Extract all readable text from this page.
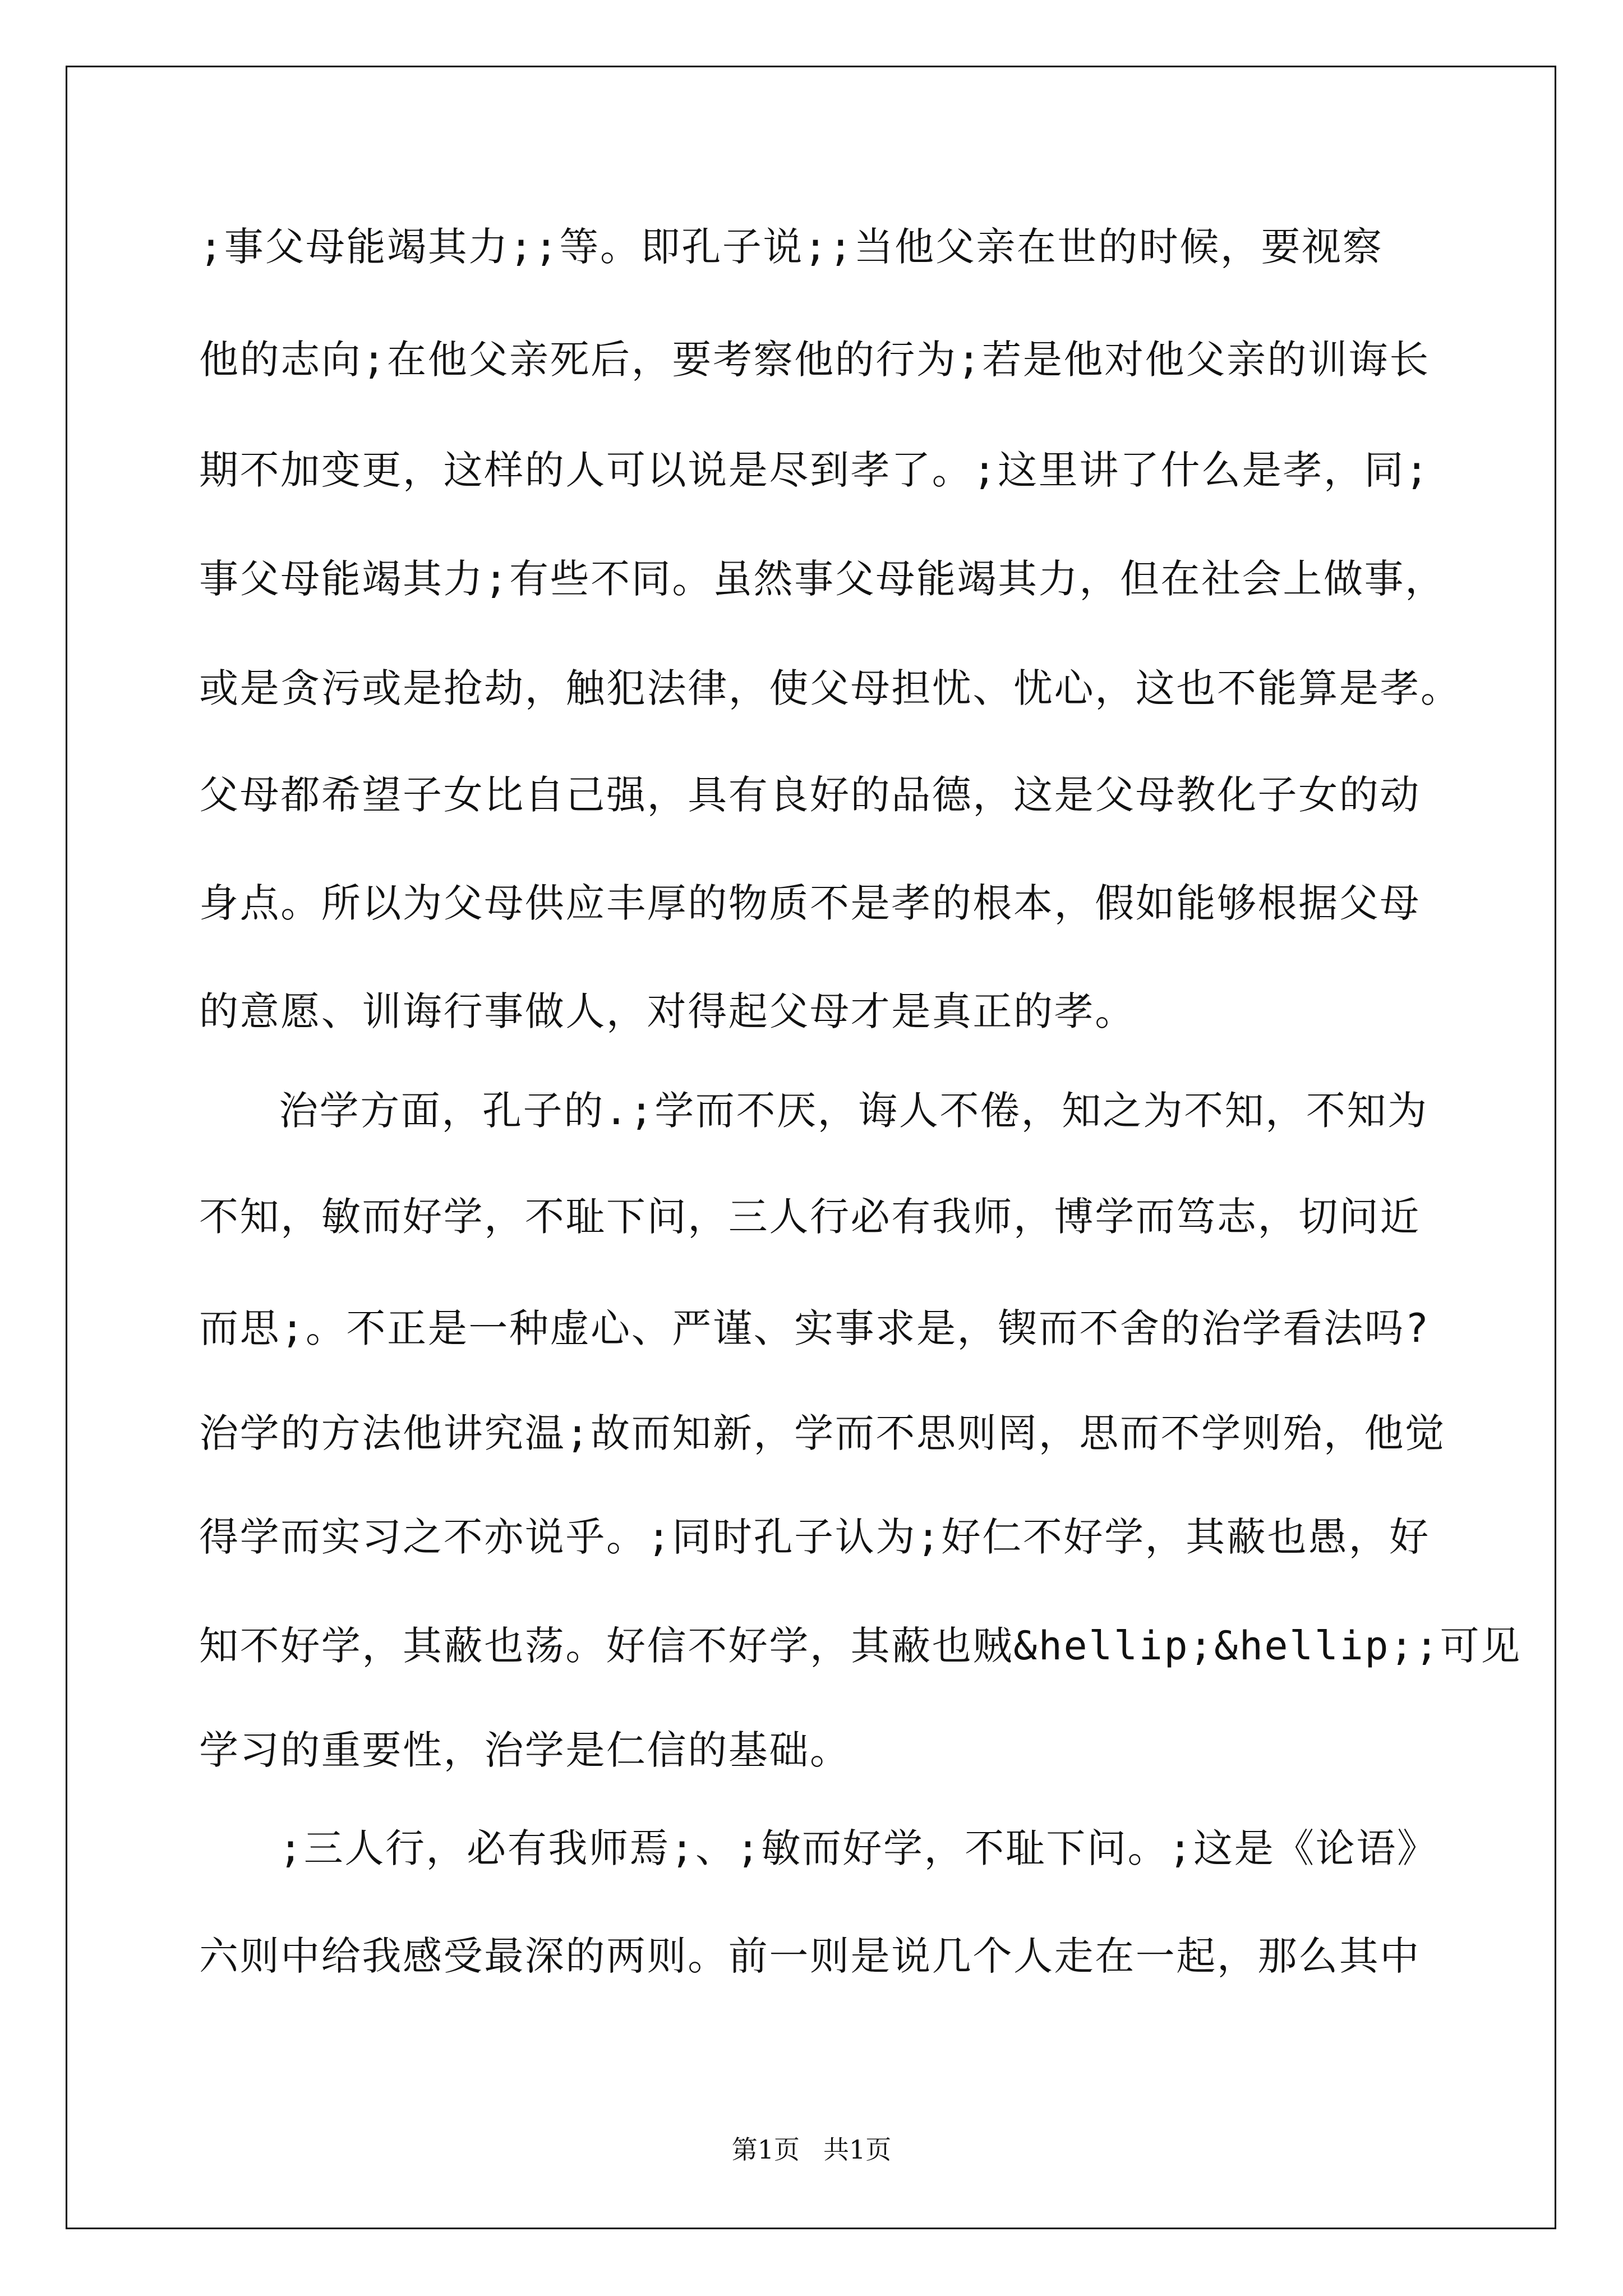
;事父母能竭其力;;等。即孔子说;;当他父亲在世的时候，要视察
他的志向;在他父亲死后，要考察他的行为;若是他对他父亲的训诲长
期不加变更，这样的人可以说是尽到孝了。;这里讲了什么是孝，同;
事父母能竭其力;有些不同。虽然事父母能竭其力，但在社会上做事，
或是贪污或是抢劫，触犯法律，使父母担忧、忧心，这也不能算是孝。
父母都希望子女比自己强，具有良好的品德，这是父母教化子女的动
身点。所以为父母供应丰厚的物质不是孝的根本，假如能够根据父母
的意愿、训诲行事做人，对得起父母才是真正的孝。
治学方面，孔子的.;学而不厌，诲人不倦，知之为不知，不知为
不知，敏而好学，不耻下问，三人行必有我师，博学而笃志，切问近
而思;。不正是一种虚心、严谨、实事求是，锲而不舍的治学看法吗?
治学的方法他讲究温;故而知新，学而不思则罔，思而不学则殆，他觉
得学而实习之不亦说乎。;同时孔子认为;好仁不好学，其蔽也愚，好
知不好学，其蔽也荡。好信不好学，其蔽也贼&hellip;&hellip;;可见
学习的重要性，治学是仁信的基础。
;三人行，必有我师焉;、;敏而好学，不耻下问。;这是《论语》
六则中给我感受最深的两则。前一则是说几个人走在一起，那么其中
第1页 共1页
